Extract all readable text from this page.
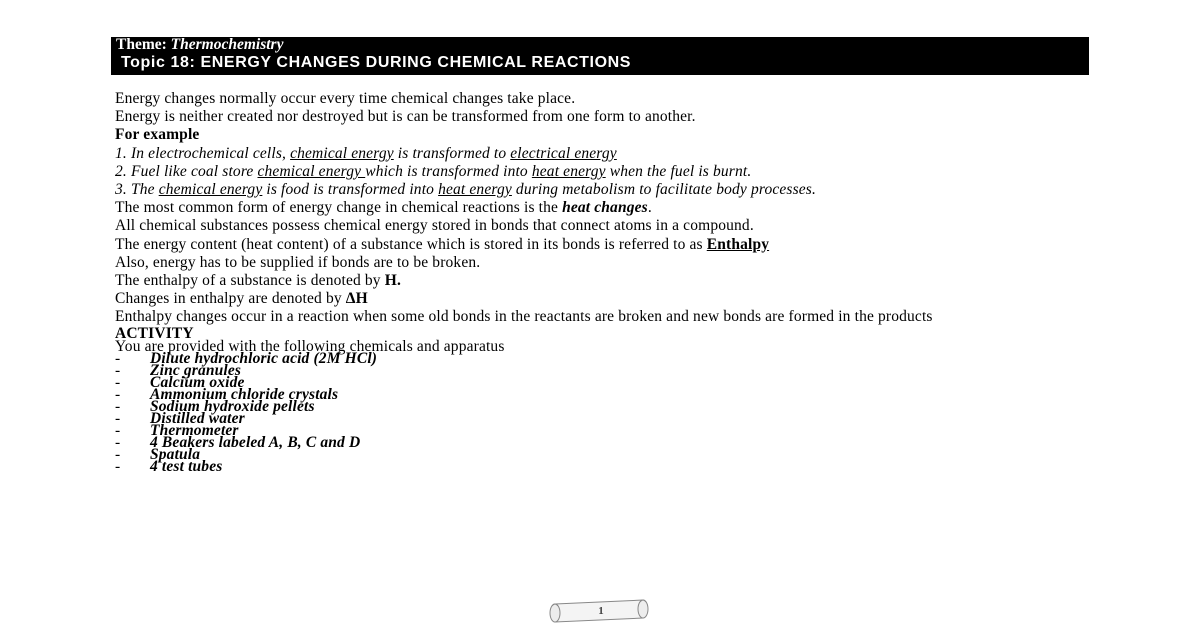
Theme: Thermochemistry
Topic 18: ENERGY CHANGES DURING CHEMICAL REACTIONS

Energy changes normally occur every time chemical changes take place.

Energy is neither created nor destroyed but is can be transformed from one form to another.

For example

1. In electrochemical cells, chemical energy is transformed to electrical energy

2. Fuel like coal store chemical energy which is transformed into heat energy when the fuel is burnt.

3. The chemical energy is food is transformed into heat energy during metabolism to facilitate body processes.

The most common form of energy change in chemical reactions is the heat changes.

All chemical substances possess chemical energy stored in bonds that connect atoms in a compound.

The energy content (heat content) of a substance which is stored in its bonds is referred to as Enthalpy

Also, energy has to be supplied if bonds are to be broken.

The enthalpy of a substance is denoted by H.

Changes in enthalpy are denoted by ΔH

Enthalpy changes occur in a reaction when some old bonds in the reactants are broken and new bonds are formed in the products

ACTIVITY

You are provided with the following chemicals and apparatus

- Dilute hydrochloric acid (2M HCl)
- Zinc granules
- Calcium oxide
- Ammonium chloride crystals
- Sodium hydroxide pellets
- Distilled water
- Thermometer
- 4 Beakers labeled A, B, C and D
- Spatula
- 4 test tubes
1
